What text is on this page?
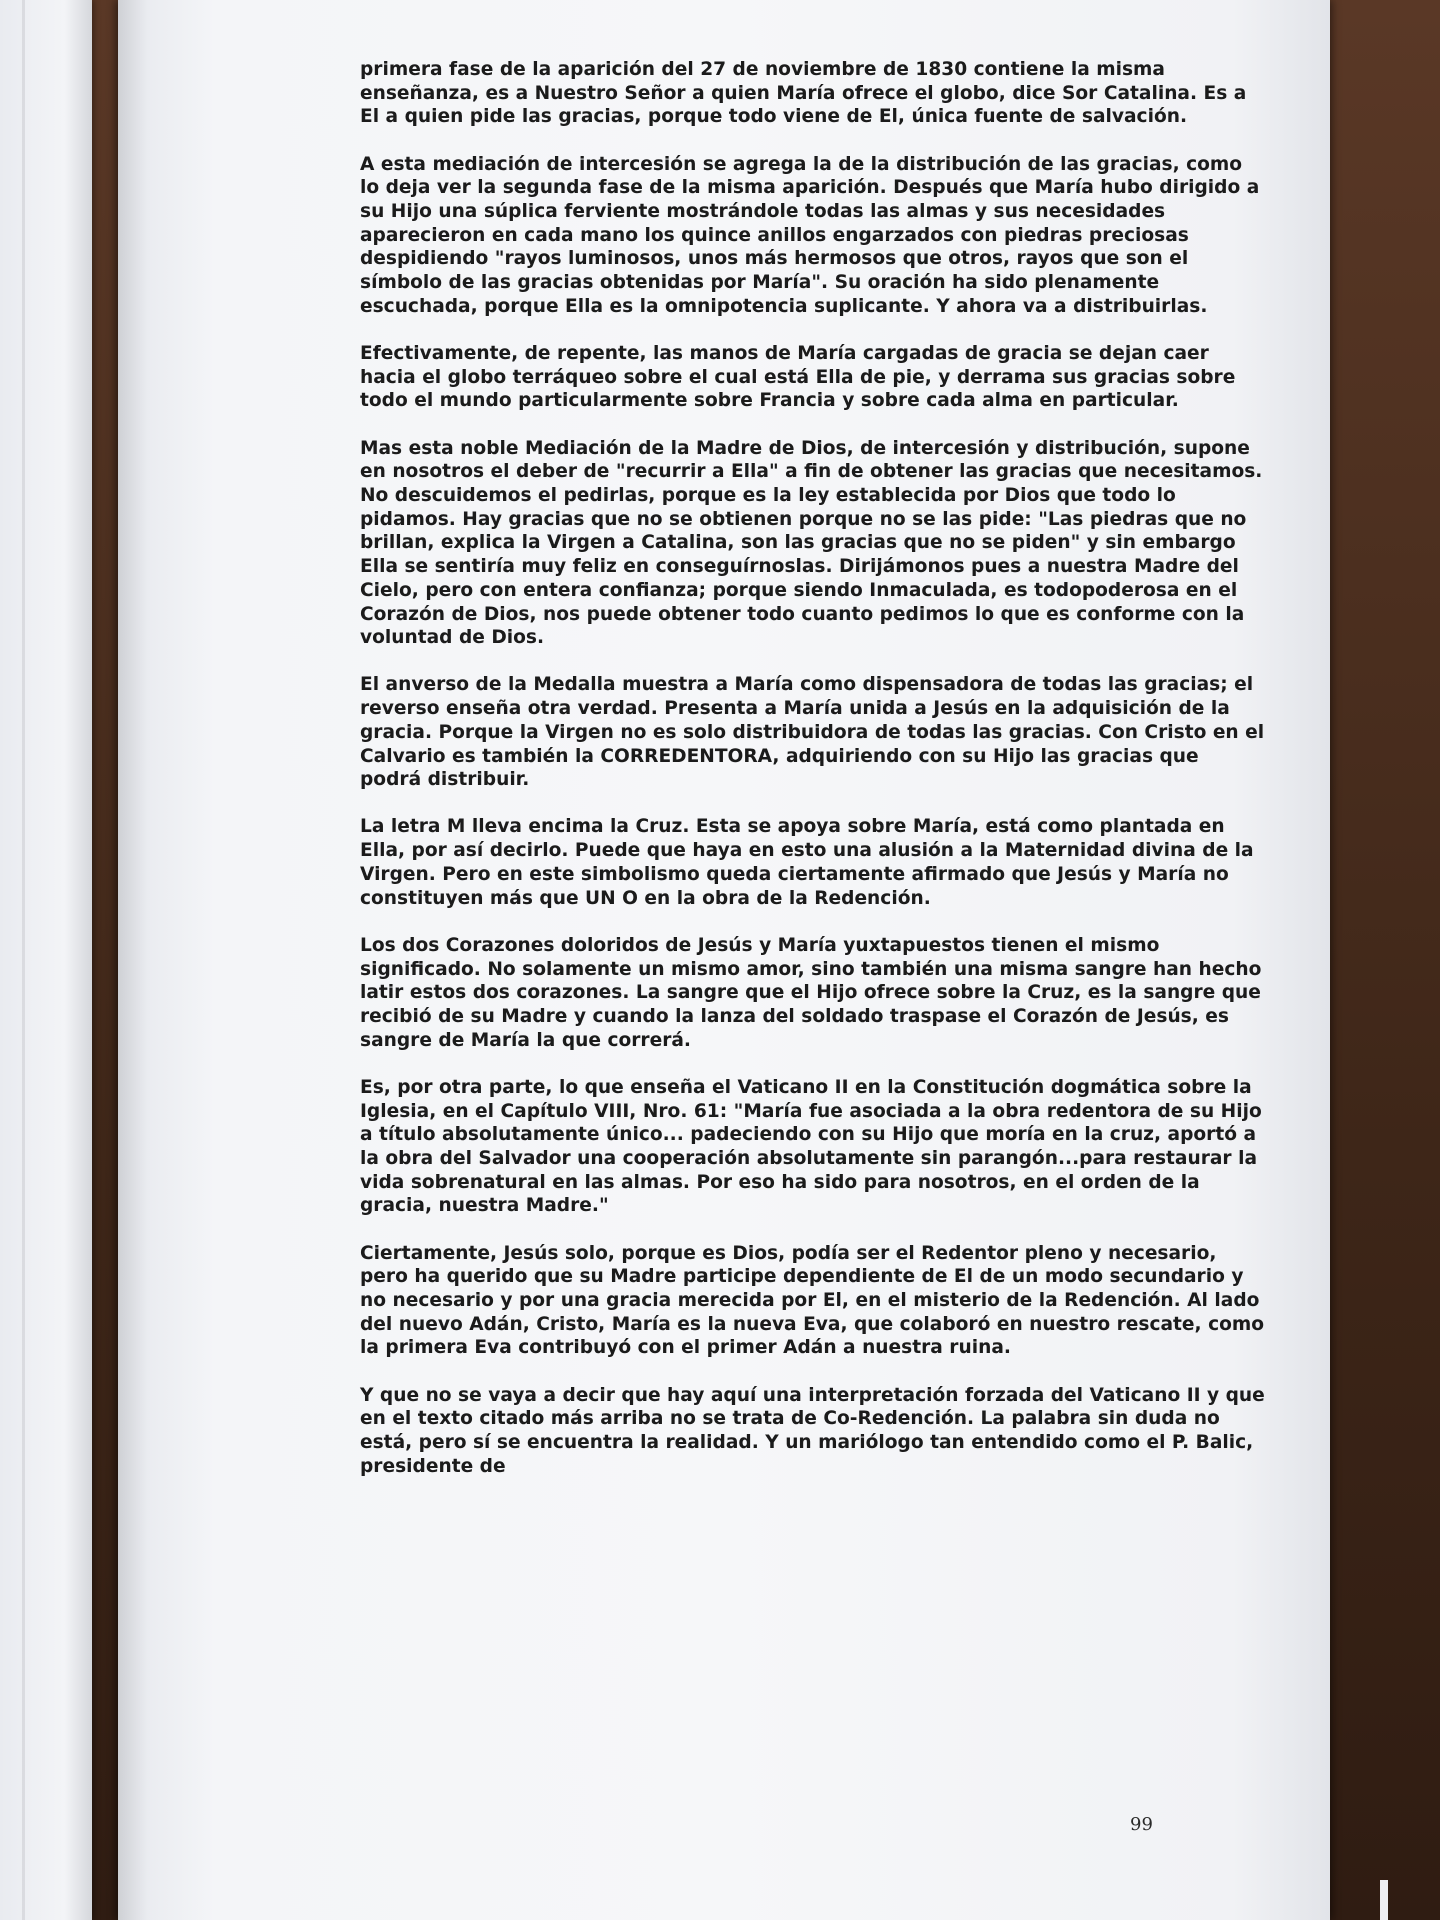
primera fase de la aparición del 27 de noviembre de 1830 contiene la misma enseñanza, es a Nuestro Señor a quien María ofrece el globo, dice Sor Catalina. Es a El a quien pide las gracias, porque todo viene de El, única fuente de salvación.

A esta mediación de intercesión se agrega la de la distribución de las gracias, como lo deja ver la segunda fase de la misma aparición. Después que María hubo dirigido a su Hijo una súplica ferviente mostrándole todas las almas y sus necesidades aparecieron en cada mano los quince anillos engarzados con piedras preciosas despidiendo "rayos luminosos, unos más hermosos que otros, rayos que son el símbolo de las gracias obtenidas por María". Su oración ha sido plenamente escuchada, porque Ella es la omnipotencia suplicante. Y ahora va a distribuirlas.

Efectivamente, de repente, las manos de María cargadas de gracia se dejan caer hacia el globo terráqueo sobre el cual está Ella de pie, y derrama sus gracias sobre todo el mundo particularmente sobre Francia y sobre cada alma en particular.

Mas esta noble Mediación de la Madre de Dios, de intercesión y distribución, supone en nosotros el deber de "recurrir a Ella" a fin de obtener las gracias que necesitamos. No descuidemos el pedirlas, porque es la ley establecida por Dios que todo lo pidamos. Hay gracias que no se obtienen porque no se las pide: "Las piedras que no brillan, explica la Virgen a Catalina, son las gracias que no se piden" y sin embargo Ella se sentiría muy feliz en conseguírnoslas. Dirijámonos pues a nuestra Madre del Cielo, pero con entera confianza; porque siendo Inmaculada, es todopoderosa en el Corazón de Dios, nos puede obtener todo cuanto pedimos lo que es conforme con la voluntad de Dios.

El anverso de la Medalla muestra a María como dispensadora de todas las gracias; el reverso enseña otra verdad. Presenta a María unida a Jesús en la adquisición de la gracia. Porque la Virgen no es solo distribuidora de todas las gracias. Con Cristo en el Calvario es también la CORREDENTORA, adquiriendo con su Hijo las gracias que podrá distribuir.

La letra M lleva encima la Cruz. Esta se apoya sobre María, está como plantada en Ella, por así decirlo. Puede que haya en esto una alusión a la Maternidad divina de la Virgen. Pero en este simbolismo queda ciertamente afirmado que Jesús y María no constituyen más que UN O en la obra de la Redención.

Los dos Corazones doloridos de Jesús y María yuxtapuestos tienen el mismo significado. No solamente un mismo amor, sino también una misma sangre han hecho latir estos dos corazones. La sangre que el Hijo ofrece sobre la Cruz, es la sangre que recibió de su Madre y cuando la lanza del soldado traspase el Corazón de Jesús, es sangre de María la que correrá.

Es, por otra parte, lo que enseña el Vaticano II en la Constitución dogmática sobre la Iglesia, en el Capítulo VIII, Nro. 61: "María fue asociada a la obra redentora de su Hijo a título absolutamente único... padeciendo con su Hijo que moría en la cruz, aportó a la obra del Salvador una cooperación absolutamente sin parangón...para restaurar la vida sobrenatural en las almas. Por eso ha sido para nosotros, en el orden de la gracia, nuestra Madre."

Ciertamente, Jesús solo, porque es Dios, podía ser el Redentor pleno y necesario, pero ha querido que su Madre participe dependiente de El de un modo secundario y no necesario y por una gracia merecida por El, en el misterio de la Redención. Al lado del nuevo Adán, Cristo, María es la nueva Eva, que colaboró en nuestro rescate, como la primera Eva contribuyó con el primer Adán a nuestra ruina.

Y que no se vaya a decir que hay aquí una interpretación forzada del Vaticano II y que en el texto citado más arriba no se trata de Co-Redención. La palabra sin duda no está, pero sí se encuentra la realidad. Y un mariólogo tan entendido como el P. Balic, presidente de

99
